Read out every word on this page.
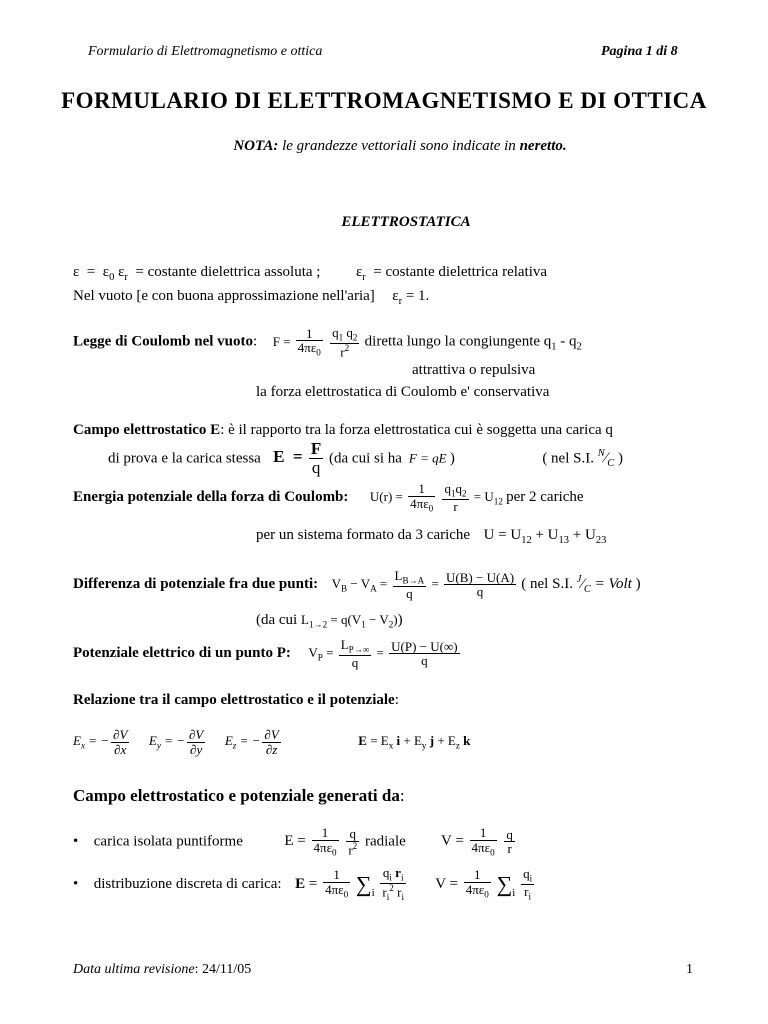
Formulario di Elettromagnetismo e ottica	Pagina 1 di 8
FORMULARIO DI ELETTROMAGNETISMO E DI OTTICA
NOTA: le grandezze vettoriali sono indicate in neretto.
ELETTROSTATICA
$\varepsilon = \varepsilon_0$ $\varepsilon_r$ = costante dielettrica assoluta ; $\varepsilon_r$ = costante dielettrica relativa
Nel vuoto [e con buona approssimazione nell'aria] $\varepsilon_r = 1$.
Legge di Coulomb nel vuoto:  $F = \frac{1}{4\pi\varepsilon_0}$
$\frac{q_1 q_2}{r^2}$ diretta lungo la congiungente $q_1 - q_2$
attrattiva o repulsiva
la forza elettrostatica di Coulomb e' conservativa
Campo elettrostatico E: è il rapporto tra la forza elettrostatica cui è soggetta una carica q
di prova e la carica stessa   $E = \frac{F}{q} (da$ cui si ha  F = qE )	( nel S.I. $^N⁄_C$ )
Energia potenziale della forza di Coulomb: $U(r) = \frac{1}{4\pi\varepsilon_0}$
$\frac{q_1q_2}{r} = U_{12}$ per 2 cariche
per un sistema formato da 3 cariche $U = U_{12} + U_{13} + U_{23}$
Differenza di potenziale fra due punti: $V_B - V_A = \frac{L_{B\to A}}{q} = \frac{U(B) - U(A)}{q}$ ( nel S.I. $^J⁄_C$ = Volt )
(da cui $L_{1\to 2} = q(V_1 - V_2)$)
Potenziale elettrico di un punto P: $V_P = \frac{L_{P\to\infty}}{q} = \frac{U(P) - U(\infty)}{q}$
Relazione tra il campo elettrostatico e il potenziale:
$E_x$ = − $\frac{\partial V}{\partial x} E_y$ = − $\frac{\partial V}{\partial y} E_z$ = − $\frac{\partial V}{\partial z}$	$E = E_x$ $i + E_y$ $j + E_z$ k
Campo elettrostatico e potenziale generati da:
• carica isolata puntiforme	$E = \frac{1}{4\pi\varepsilon_0}$
$\frac{q}{r^2}$ radiale $V = \frac{1}{4\pi\varepsilon_0}$
$\frac{q}{r}$
• distribuzione discreta di carica: $E = \frac{1}{4\pi\varepsilon_0} \sum_i \frac{q_i r_i}{r_i^2 r_i}$ $V = \frac{1}{4\pi\varepsilon_0} \sum_i \frac{q_i}{r_i}$
Data ultima revisione: 24/11/05	1
